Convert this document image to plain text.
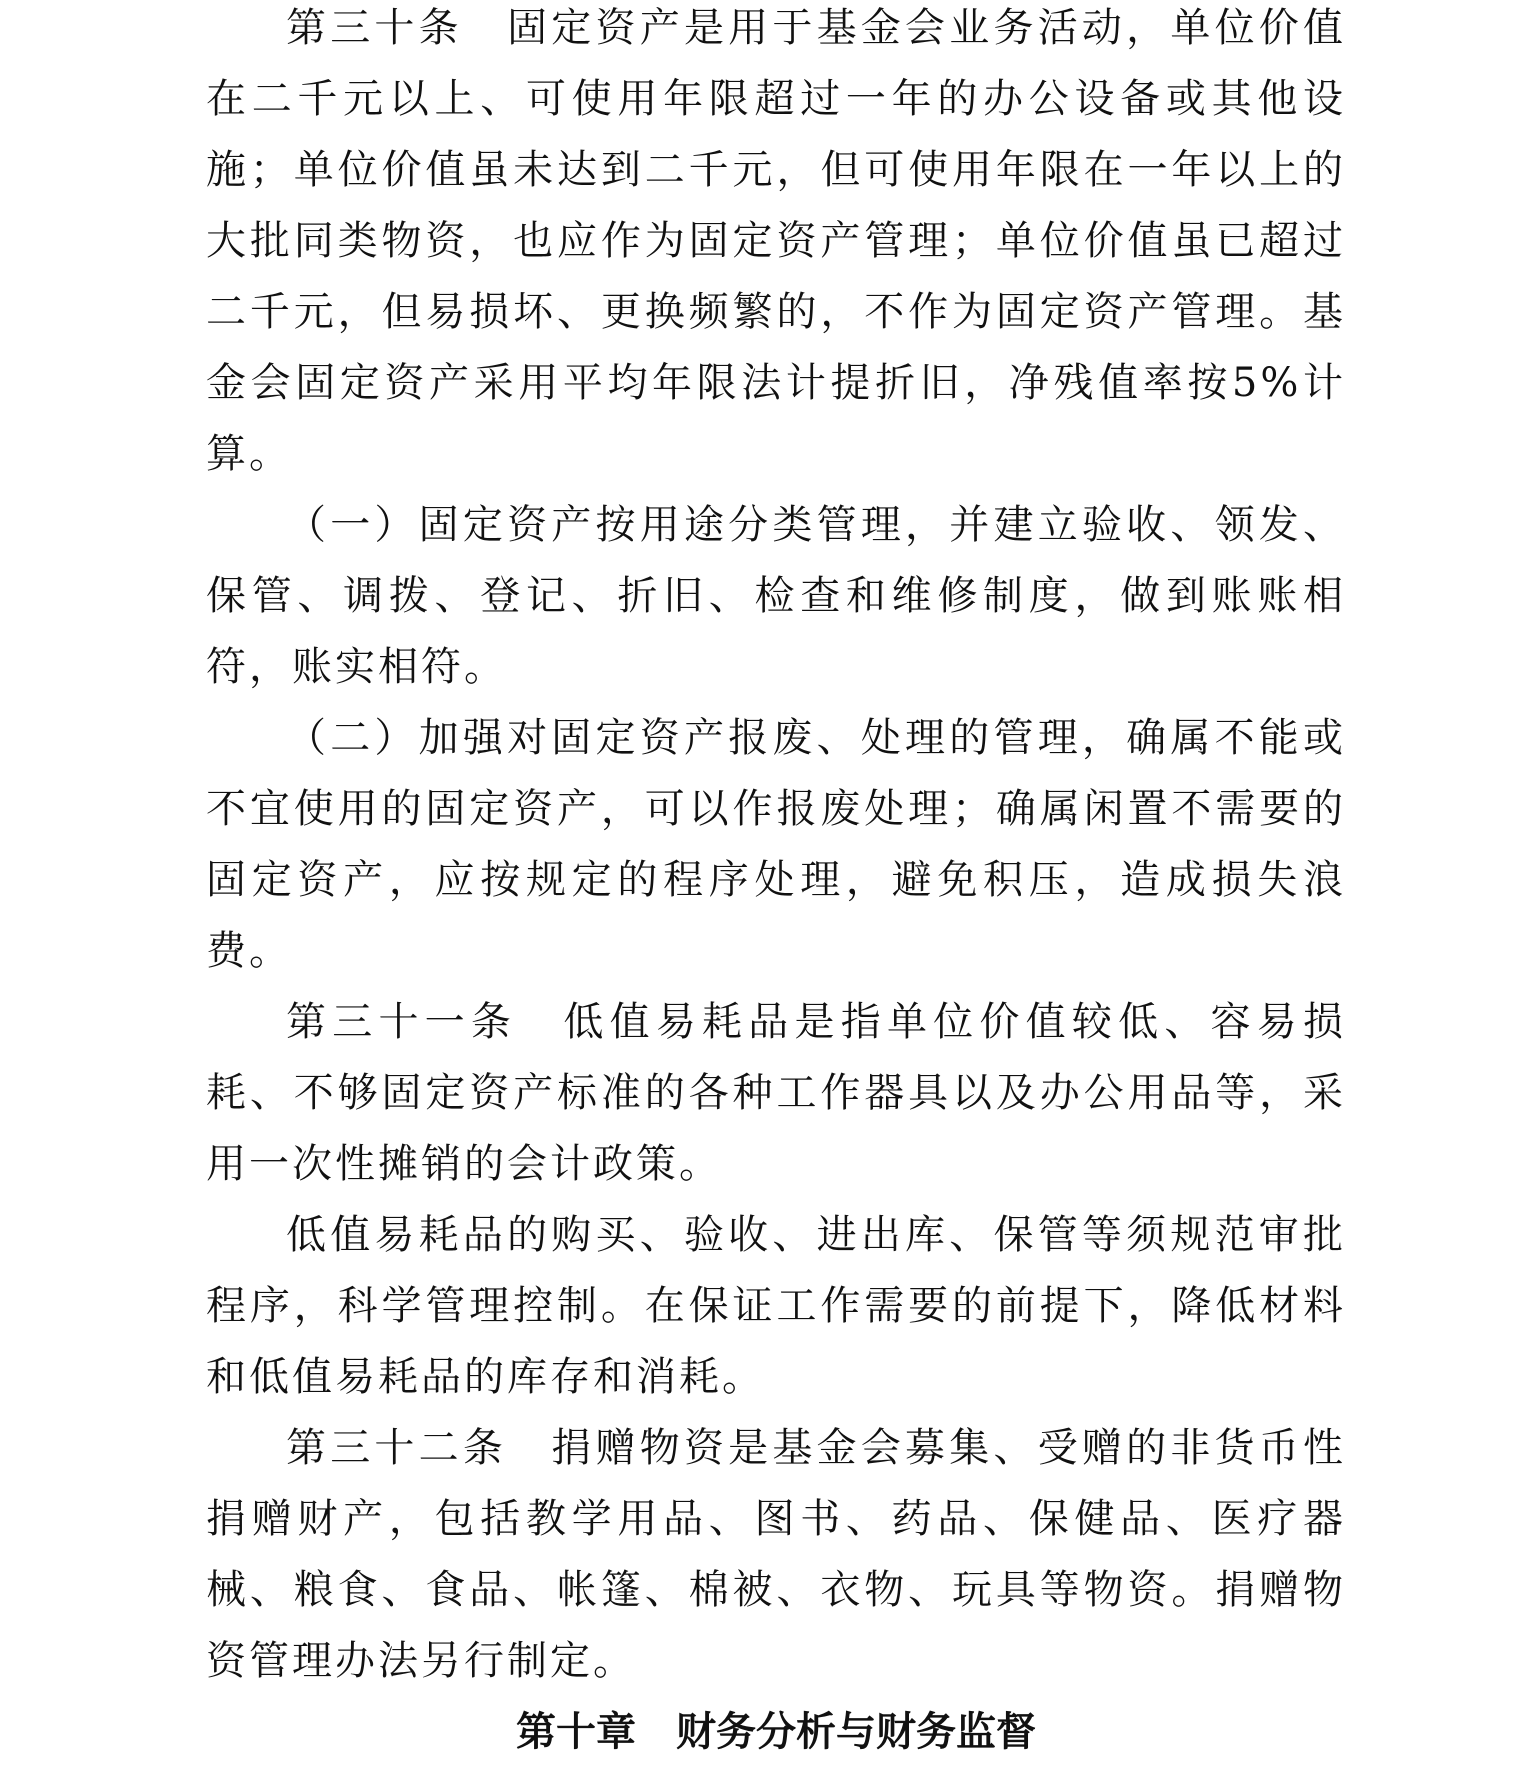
第三十条　固定资产是用于基金会业务活动，单位价值在二千元以上、可使用年限超过一年的办公设备或其他设施；单位价值虽未达到二千元，但可使用年限在一年以上的大批同类物资，也应作为固定资产管理；单位价值虽已超过二千元，但易损坏、更换频繁的，不作为固定资产管理。基金会固定资产采用平均年限法计提折旧，净残值率按5%计算。

（一）固定资产按用途分类管理，并建立验收、领发、保管、调拨、登记、折旧、检查和维修制度，做到账账相符，账实相符。

（二）加强对固定资产报废、处理的管理，确属不能或不宜使用的固定资产，可以作报废处理；确属闲置不需要的固定资产，应按规定的程序处理，避免积压，造成损失浪费。

第三十一条　低值易耗品是指单位价值较低、容易损耗、不够固定资产标准的各种工作器具以及办公用品等，采用一次性摊销的会计政策。

低值易耗品的购买、验收、进出库、保管等须规范审批程序，科学管理控制。在保证工作需要的前提下，降低材料和低值易耗品的库存和消耗。

第三十二条　捐赠物资是基金会募集、受赠的非货币性捐赠财产，包括教学用品、图书、药品、保健品、医疗器械、粮食、食品、帐篷、棉被、衣物、玩具等物资。捐赠物资管理办法另行制定。

第十章　财务分析与财务监督
